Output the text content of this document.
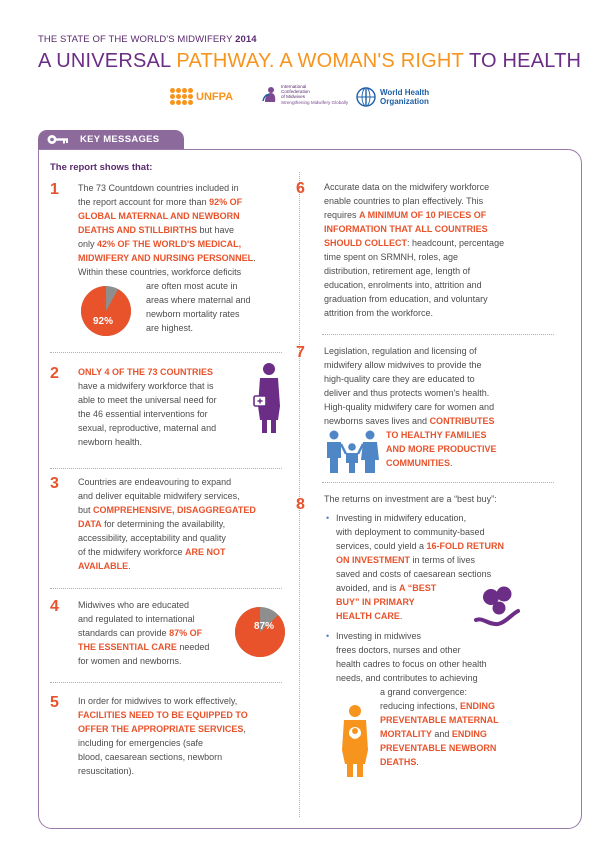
THE STATE OF THE WORLD'S MIDWIFERY 2014
A UNIVERSAL PATHWAY. A WOMAN'S RIGHT TO HEALTH
UNFPA
International
Confederation
of Midwives
Strengthening Midwifery Globally
World Health
Organization
KEY MESSAGES
The report shows that:
1 The 73 Countdown countries included in
the report account for more than 92% OF
GLOBAL MATERNAL AND NEWBORN
DEATHS AND STILLBIRTHS but have
only 42% OF THE WORLD'S MEDICAL,
MIDWIFERY AND NURSING PERSONNEL.
Within these countries, workforce deficits
are often most acute in
areas where maternal and
newborn mortality rates
are highest.
92%
2 ONLY 4 OF THE 73 COUNTRIES
have a midwifery workforce that is
able to meet the universal need for
the 46 essential interventions for
sexual, reproductive, maternal and
newborn health.
3 Countries are endeavouring to expand
and deliver equitable midwifery services,
but COMPREHENSIVE, DISAGGREGATED
DATA for determining the availability,
accessibility, acceptability and quality
of the midwifery workforce ARE NOT
AVAILABLE.
4 Midwives who are educated
and regulated to international
standards can provide 87% OF
THE ESSENTIAL CARE needed
for women and newborns.
87%
5 In order for midwives to work effectively,
FACILITIES NEED TO BE EQUIPPED TO
OFFER THE APPROPRIATE SERVICES,
including for emergencies (safe
blood, caesarean sections, newborn
resuscitation).
6 Accurate data on the midwifery workforce
enable countries to plan effectively. This
requires A MINIMUM OF 10 PIECES OF
INFORMATION THAT ALL COUNTRIES
SHOULD COLLECT: headcount, percentage
time spent on SRMNH, roles, age
distribution, retirement age, length of
education, enrolments into, attrition and
graduation from education, and voluntary
attrition from the workforce.
7 Legislation, regulation and licensing of
midwifery allow midwives to provide the
high-quality care they are educated to
deliver and thus protects women's health.
High-quality midwifery care for women and
newborns saves lives and CONTRIBUTES
TO HEALTHY FAMILIES
AND MORE PRODUCTIVE
COMMUNITIES.
8 The returns on investment are a “best buy”:
• Investing in midwifery education,
with deployment to community-based
services, could yield a 16-FOLD RETURN
ON INVESTMENT in terms of lives
saved and costs of caesarean sections
avoided, and is A “BEST
BUY” IN PRIMARY
HEALTH CARE.
• Investing in midwives
frees doctors, nurses and other
health cadres to focus on other health
needs, and contributes to achieving
a grand convergence:
reducing infections, ENDING
PREVENTABLE MATERNAL
MORTALITY and ENDING
PREVENTABLE NEWBORN
DEATHS.
